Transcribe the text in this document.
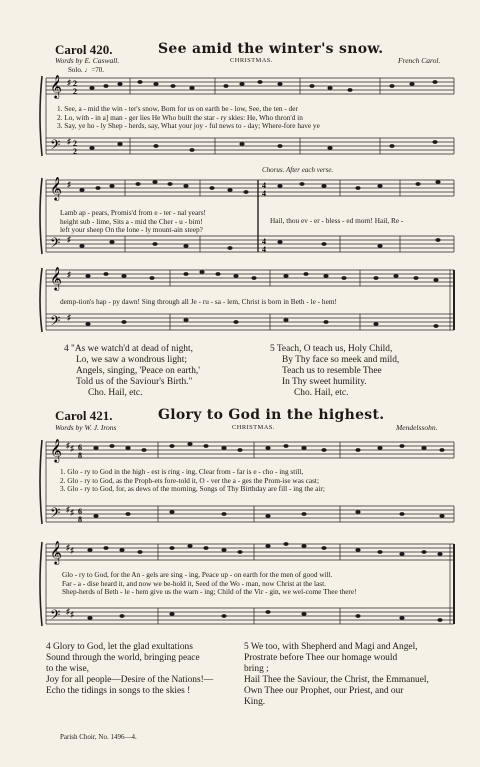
Carol 420.	See amid the winter's snow.
Words by E. Caswall.	CHRISTMAS.	French Carol.
Solo. ♩=70.
𝄞
𝄢
♯
♯
2
2
2
2
1. See, a - mid the win - ter's snow, Born for us on earth be - low, See, the ten - der
2. Lo, with - in a] man - ger lies He Who built the star - ry skies: He, Who thron'd in
3. Say, ye ho - ly Shep - herds, say, What your joy - ful news to - day; Where-fore have ye
Chorus. After each verse.
𝄞
𝄢
♯
♯
4
4
4
4
Lamb ap - pears, Promis'd from e - ter - nal years!
height sub - lime, Sits a - mid the Cher - u - bim!
left your sheep On the lone - ly mount-ain steep?
Hail, thou ev - er - bless - ed morn! Hail, Re -
𝄞
𝄢
♯
♯
demp-tion's hap - py dawn! Sing through all Je - ru - sa - lem, Christ is born in Beth - le - hem!
4 "As we watch'd at dead of night,
Lo, we saw a wondrous light;
Angels, singing, 'Peace on earth,'
Told us of the Saviour's Birth."
Cho. Hail, etc.
5 Teach, O teach us, Holy Child,
By Thy face so meek and mild,
Teach us to resemble Thee
In Thy sweet humility.
Cho. Hail, etc.
Carol 421.	Glory to God in the highest.
Words by W. J. Irons	CHRISTMAS.	Mendelssohn.
𝄞
𝄢
♯ ♯
♯ ♯
6
8
6
8
1. Glo - ry to God in the high - est is ring - ing, Clear from - far is e - cho - ing still,
2. Glo - ry to God, as the Proph-ets fore-told it, O - ver the a - ges the Prom-ise was cast;
3. Glo - ry to God, for, as dews of the morning, Songs of Thy Birthday are fill - ing the air;
𝄞
𝄢
♯ ♯
♯ ♯
Glo - ry to God, for the An - gels are sing - ing, Peace up - on earth for the men of good will.
Far - a - dise heard it, and now we be-hold it, Seed of the Wo - man, now Christ at the last.
Shep-herds of Beth - le - hem give us the warn - ing; Child of the Vir - gin, we wel-come Thee there!
4 Glory to God, let the glad exultations
Sound through the world, bringing peace
to the wise,
Joy for all people—Desire of the Nations!—
Echo the tidings in songs to the skies !
5 We too, with Shepherd and Magi and Angel,
Prostrate before Thee our homage would
bring ;
Hail Thee the Saviour, the Christ, the Emmanuel,
Own Thee our Prophet, our Priest, and our
King.
Parish Choir, No. 1496—4.
